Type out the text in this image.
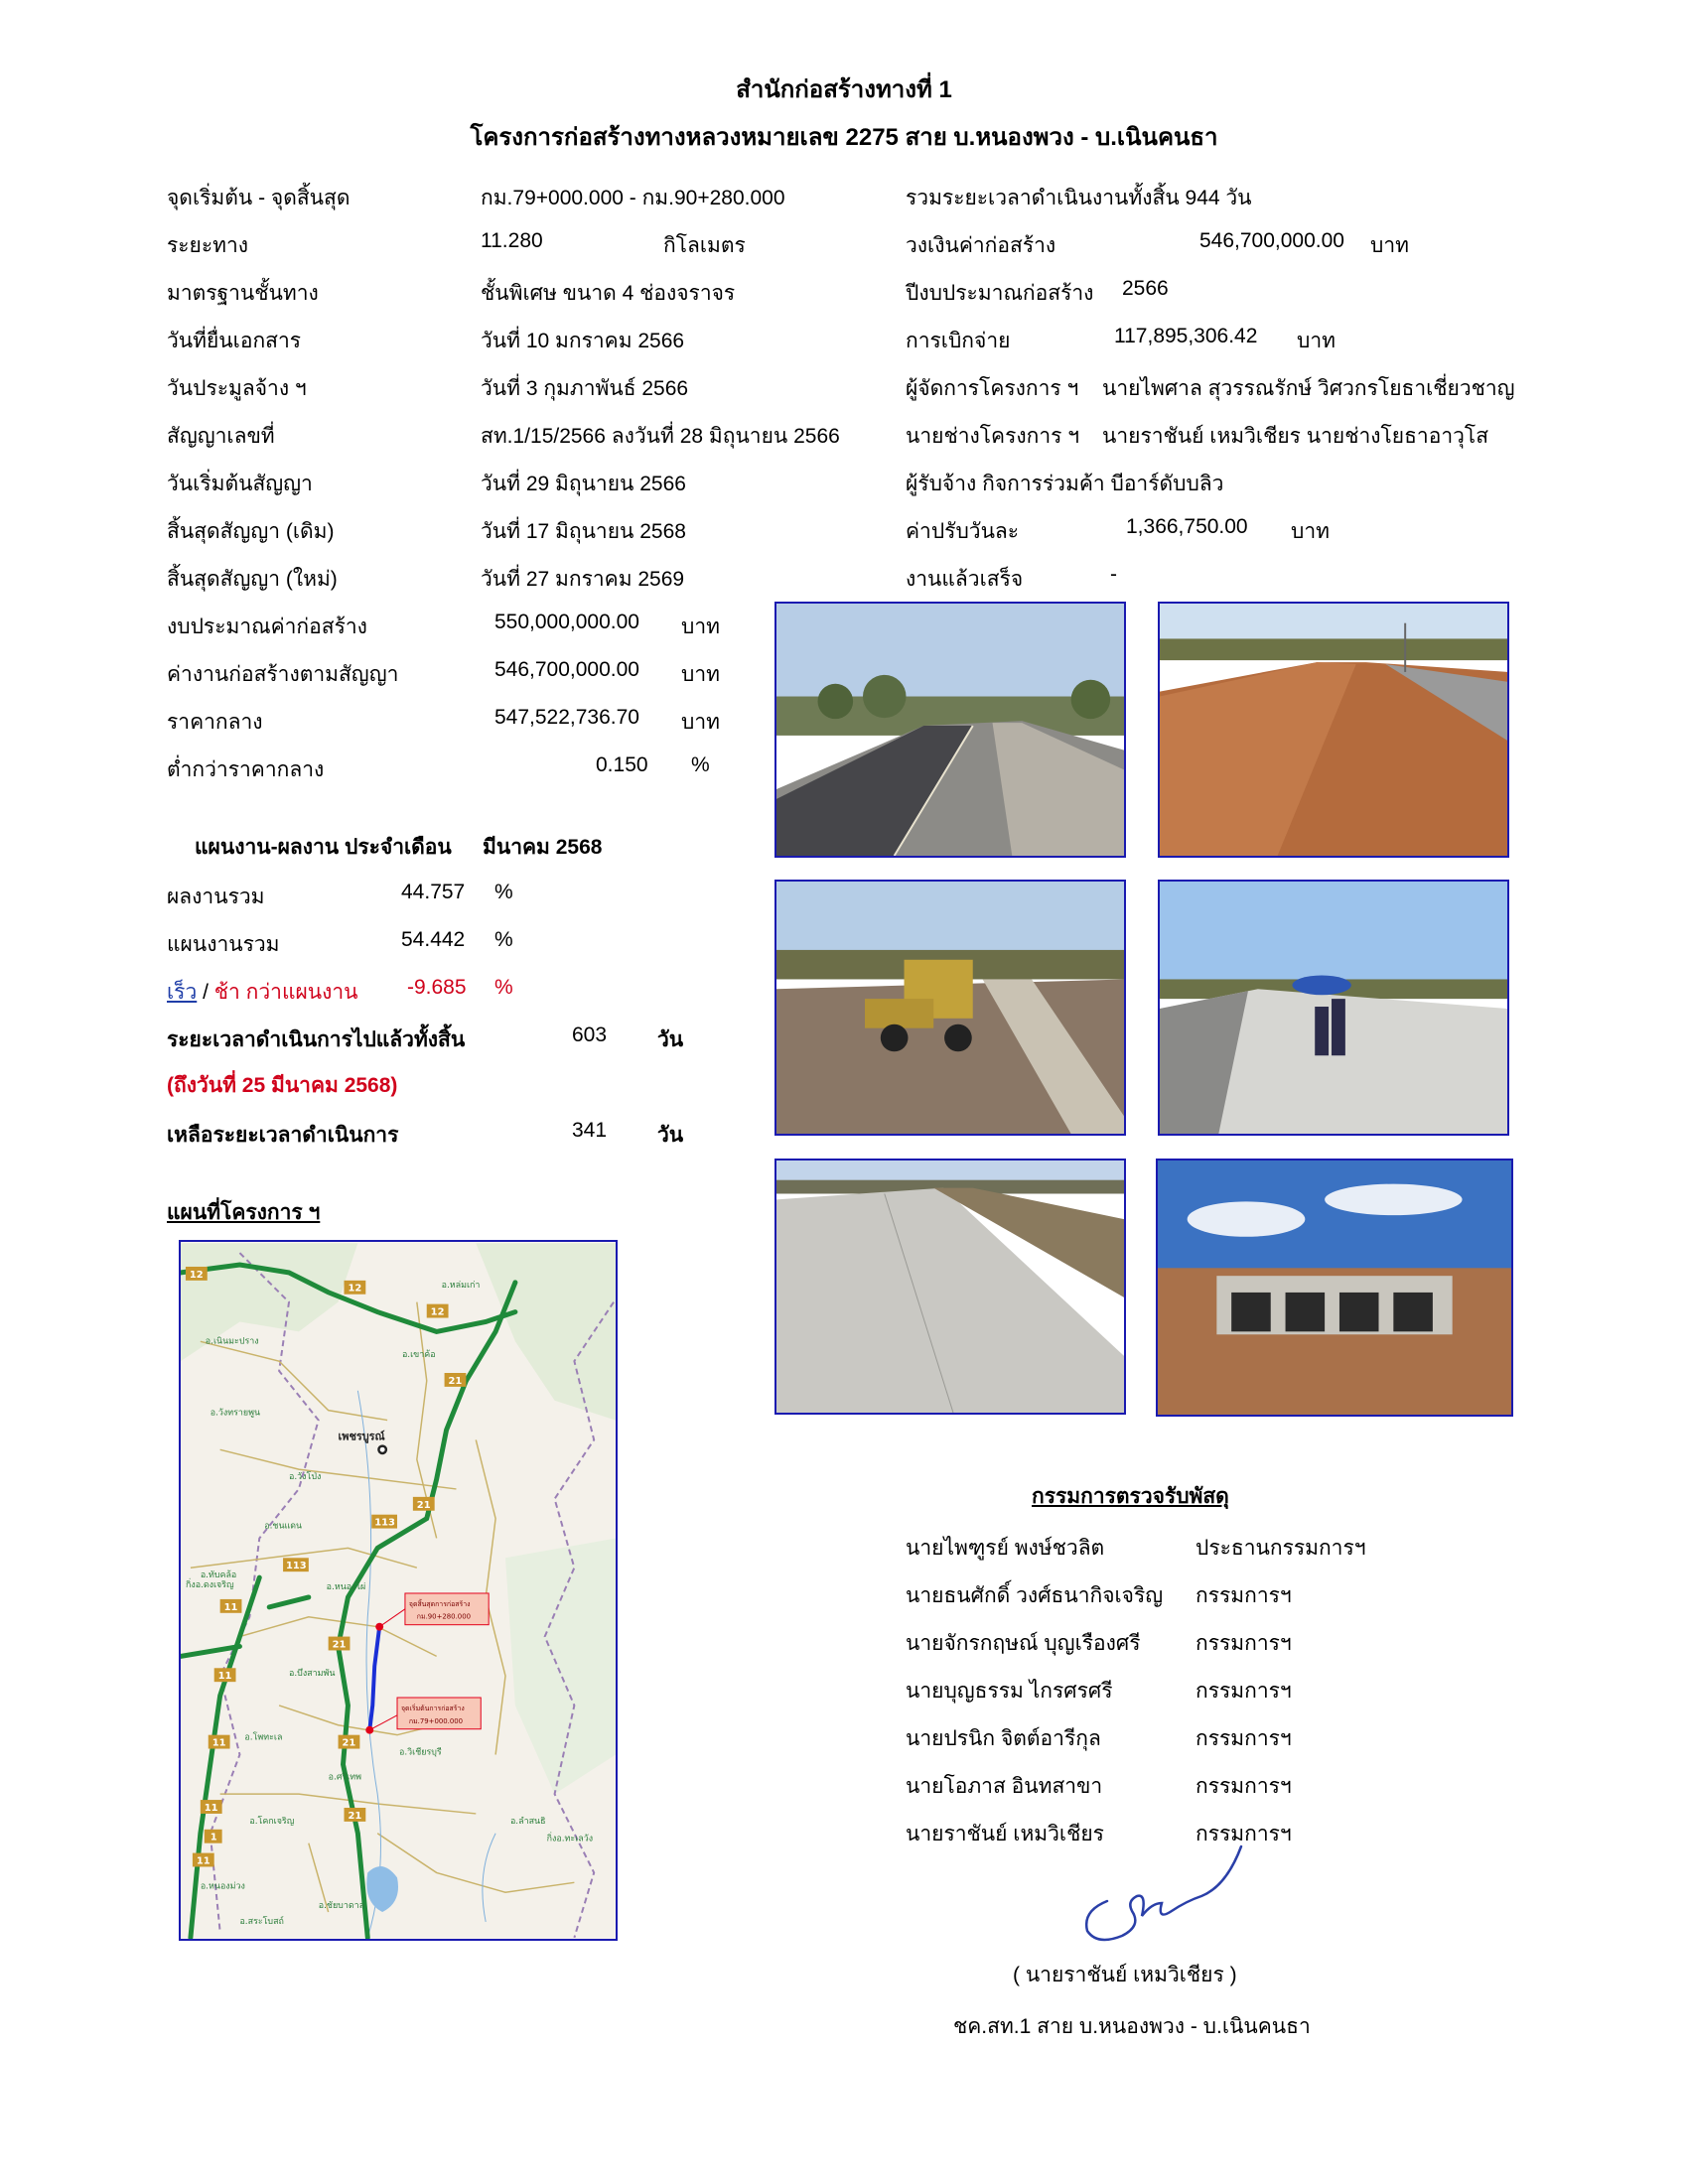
สำนักก่อสร้างทางที่ 1
โครงการก่อสร้างทางหลวงหมายเลข 2275 สาย บ.หนองพวง - บ.เนินคนธา
จุดเริ่มต้น - จุดสิ้นสุด	กม.79+000.000 - กม.90+280.000
ระยะทาง	11.280	กิโลเมตร
มาตรฐานชั้นทาง	ชั้นพิเศษ ขนาด 4 ช่องจราจร
วันที่ยื่นเอกสาร	วันที่ 10 มกราคม 2566
วันประมูลจ้าง ฯ	วันที่ 3 กุมภาพันธ์ 2566
สัญญาเลขที่	สท.1/15/2566 ลงวันที่ 28 มิถุนายน 2566
วันเริ่มต้นสัญญา	วันที่ 29 มิถุนายน 2566
สิ้นสุดสัญญา (เดิม)	วันที่ 17 มิถุนายน 2568
สิ้นสุดสัญญา (ใหม่)	วันที่ 27 มกราคม 2569
รวมระยะเวลาดำเนินงานทั้งสิ้น 944 วัน
วงเงินค่าก่อสร้าง	546,700,000.00 บาท
ปีงบประมาณก่อสร้าง 2566
การเบิกจ่าย	117,895,306.42 บาท
ผู้จัดการโครงการ ฯ นายไพศาล สุวรรณรักษ์ วิศวกรโยธาเชี่ยวชาญ
นายช่างโครงการ ฯ นายราชันย์ เหมวิเชียร นายช่างโยธาอาวุโส
ผู้รับจ้าง กิจการร่วมค้า บีอาร์ดับบลิว
ค่าปรับวันละ	1,366,750.00 บาท
งานแล้วเสร็จ	-
งบประมาณค่าก่อสร้าง	550,000,000.00 บาท
ค่างานก่อสร้างตามสัญญา	546,700,000.00 บาท
ราคากลาง	547,522,736.70 บาท
ต่ำกว่าราคากลาง	0.150 %
แผนงาน-ผลงาน ประจำเดือน มีนาคม 2568
ผลงานรวม	44.757 %
แผนงานรวม	54.442 %
เร็ว / ช้า กว่าแผนงาน -9.685 %
ระยะเวลาดำเนินการไปแล้วทั้งสิ้น	603 วัน
(ถึงวันที่ 25 มีนาคม 2568)
เหลือระยะเวลาดำเนินการ	341 วัน
แผนที่โครงการ ฯ
เพชรบูรณ์
จุดสิ้นสุดการก่อสร้าง
กม.90+280.000
จุดเริ่มต้นการก่อสร้าง
กม.79+000.000
12
12
12
21
21
21
21
21
11
11
11
11
11
113
113
1
อ.เนินมะปราง
อ.วังโป่ง
อ.ชนแดน
อ.หล่มเก่า
อ.เขาค้อ
อ.วังทรายพูน
อ.ทับคล้อ
อ.บึงสามพัน
อ.วิเชียรบุรี
อ.โพทะเล
อ.ศรีเทพ
อ.โคกเจริญ
อ.หนองไผ่
อ.ลำสนธิ
อ.ชัยบาดาล
อ.หนองม่วง
อ.สระโบสถ์
กิ่งอ.ดงเจริญ
กิ่งอ.ทะเลวัง
กรรมการตรวจรับพัสดุ
นายไพฑูรย์ พงษ์ชวลิต	ประธานกรรมการฯ
นายธนศักดิ์ วงศ์ธนากิจเจริญ กรรมการฯ
นายจักรกฤษณ์ บุญเรืองศรี	กรรมการฯ
นายบุญธรรม ไกรศรศรี	กรรมการฯ
นายปรนิก จิตต์อารีกุล	กรรมการฯ
นายโอภาส อินทสาขา	กรรมการฯ
นายราชันย์ เหมวิเชียร	กรรมการฯ
( นายราชันย์ เหมวิเชียร )
ชค.สท.1 สาย บ.หนองพวง - บ.เนินคนธา
